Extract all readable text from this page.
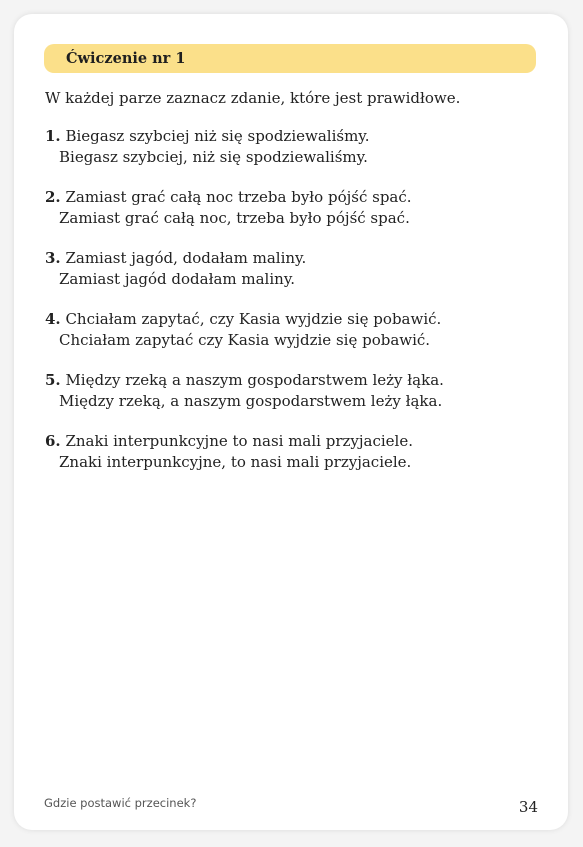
Ćwiczenie nr 1
W każdej parze zaznacz zdanie, które jest prawidłowe.
1. Biegasz szybciej niż się spodziewaliśmy.
Biegasz szybciej, niż się spodziewaliśmy.
2. Zamiast grać całą noc trzeba było pójść spać.
Zamiast grać całą noc, trzeba było pójść spać.
3. Zamiast jagód, dodałam maliny.
Zamiast jagód dodałam maliny.
4. Chciałam zapytać, czy Kasia wyjdzie się pobawić.
Chciałam zapytać czy Kasia wyjdzie się pobawić.
5. Między rzeką a naszym gospodarstwem leży łąka.
Między rzeką, a naszym gospodarstwem leży łąka.
6. Znaki interpunkcyjne to nasi mali przyjaciele.
Znaki interpunkcyjne, to nasi mali przyjaciele.
Gdzie postawić przecinek?	34
